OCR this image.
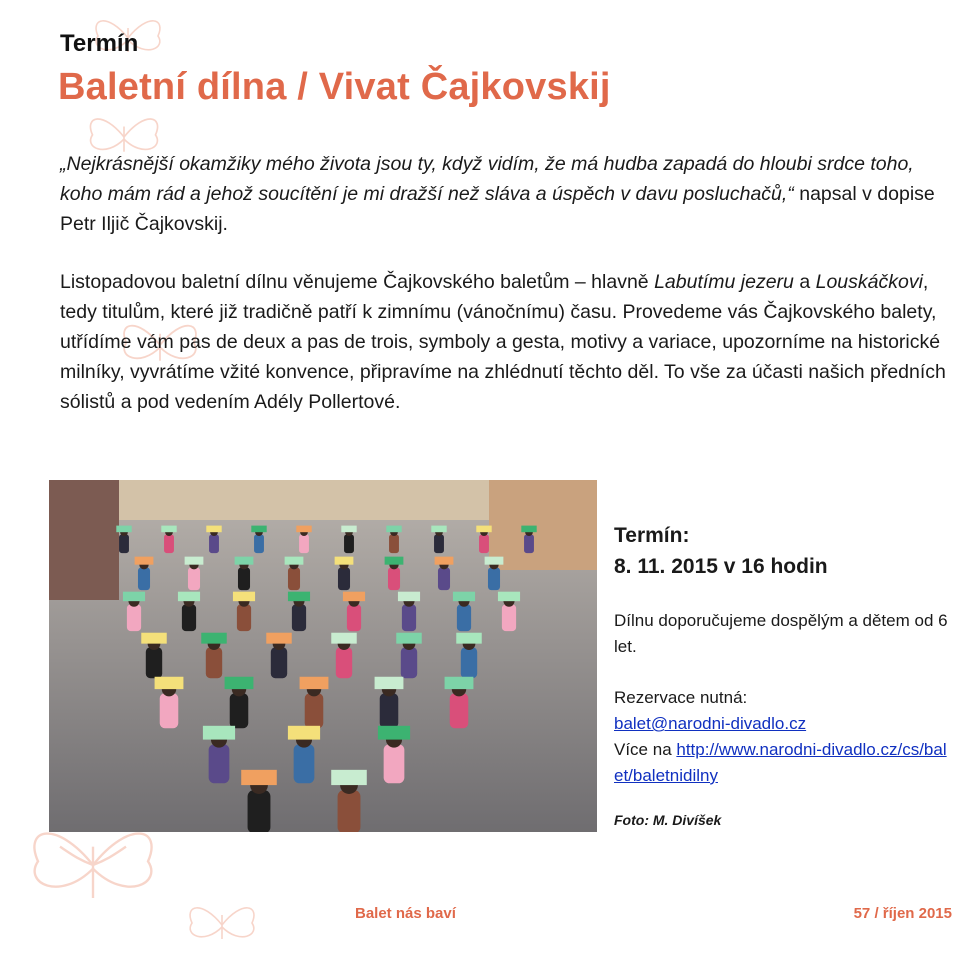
Termín
Baletní dílna / Vivat Čajkovskij
„Nejkrásnější okamžiky mého života jsou ty, když vidím, že má hudba zapadá do hloubi srdce toho, koho mám rád a jehož soucítění je mi dražší než sláva a úspěch v davu posluchačů,“ napsal v dopise Petr Iljič Čajkovskij.
Listopadovou baletní dílnu věnujeme Čajkovského baletům – hlavně Labutímu jezeru a Louskáčkovi, tedy titulům, které již tradičně patří k zimnímu (vánočnímu) času. Provedeme vás Čajkovského balety, utřídíme vám pas de deux a pas de trois, symboly a gesta, motivy a variace, upozorníme na historické milníky, vyvrátíme vžité konvence, připravíme na zhlédnutí těchto děl. To vše za účasti našich předních sólistů a pod vedením Adély Pollertové.
Termín:
8. 11. 2015 v 16 hodin
Dílnu doporučujeme dospělým a dětem od 6 let.
Rezervace nutná:
balet@narodni-divadlo.cz
Více na http://www.narodni-divadlo.cz/cs/balet/baletnidilny
Foto: M. Divíšek
Balet nás baví	57 / říjen 2015
